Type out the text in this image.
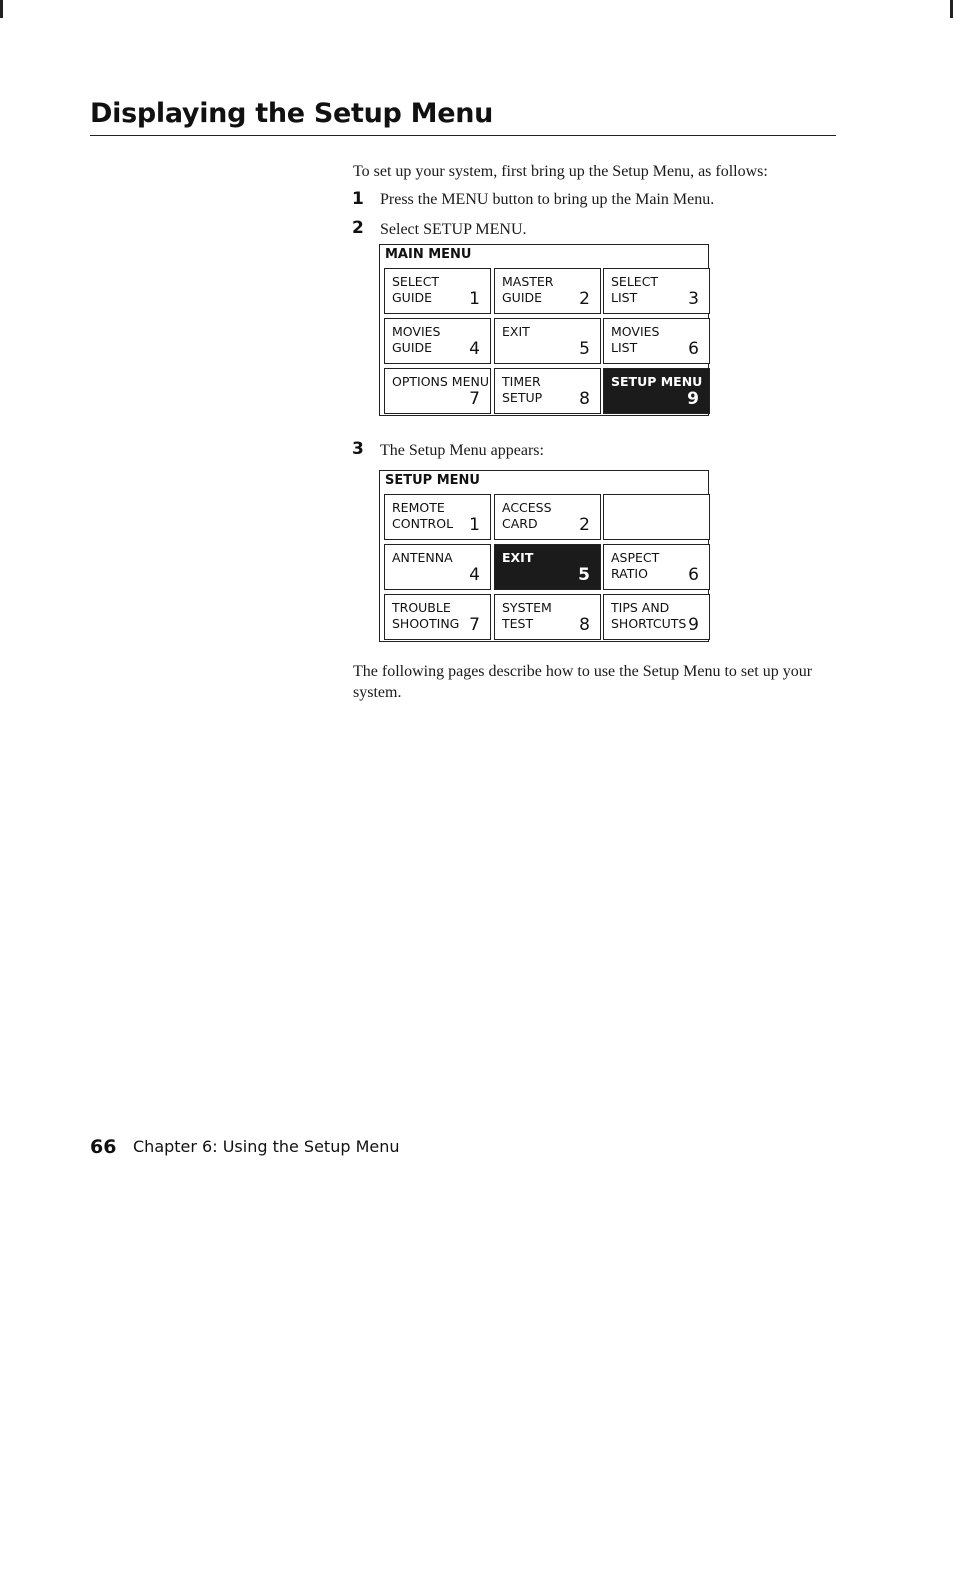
Displaying the Setup Menu
To set up your system, first bring up the Setup Menu, as follows:
1 Press the MENU button to bring up the Main Menu.
2 Select SETUP MENU.
MAIN MENU
SELECT
GUIDE	1
MASTER
GUIDE	2
SELECT
LIST	3
MOVIES
GUIDE	4
EXIT
5
MOVIES
LIST	6
OPTIONS MENU
7
TIMER
SETUP 8
SETUP MENU
9
3 The Setup Menu appears:
SETUP MENU
REMOTE
CONTROL 1
ACCESS
CARD	2
ANTENNA
4
EXIT
5
ASPECT
RATIO	6
TROUBLE
SHOOTING 7
SYSTEM
TEST	8
TIPS AND
SHORTCUTS 9
The following pages describe how to use the Setup Menu to set up your system.
66 Chapter 6: Using the Setup Menu
